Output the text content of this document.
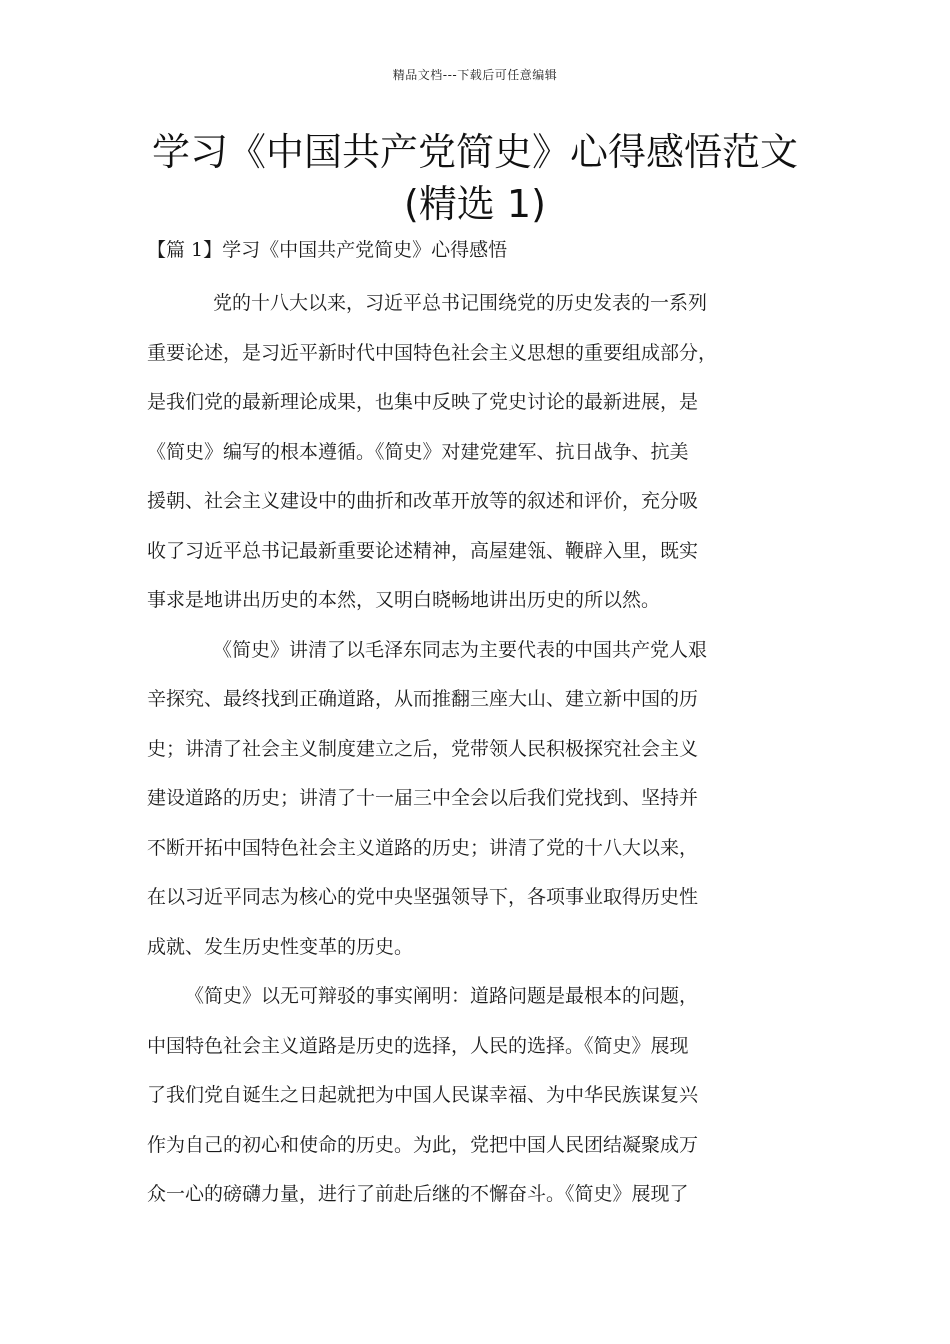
精品文档---下载后可任意编辑
学习《中国共产党简史》心得感悟范文
(精选 1)
【篇 1】学习《中国共产党简史》心得感悟

党的十八大以来，习近平总书记围绕党的历史发表的一系列
重要论述，是习近平新时代中国特色社会主义思想的重要组成部分，
是我们党的最新理论成果，也集中反映了党史讨论的最新进展，是
《简史》编写的根本遵循。《简史》对建党建军、抗日战争、抗美
援朝、社会主义建设中的曲折和改革开放等的叙述和评价，充分吸
收了习近平总书记最新重要论述精神，高屋建瓴、鞭辟入里，既实
事求是地讲出历史的本然，又明白晓畅地讲出历史的所以然。

《简史》讲清了以毛泽东同志为主要代表的中国共产党人艰
辛探究、最终找到正确道路，从而推翻三座大山、建立新中国的历
史；讲清了社会主义制度建立之后，党带领人民积极探究社会主义
建设道路的历史；讲清了十一届三中全会以后我们党找到、坚持并
不断开拓中国特色社会主义道路的历史；讲清了党的十八大以来，
在以习近平同志为核心的党中央坚强领导下，各项事业取得历史性
成就、发生历史性变革的历史。

《简史》以无可辩驳的事实阐明：道路问题是最根本的问题，
中国特色社会主义道路是历史的选择，人民的选择。《简史》展现
了我们党自诞生之日起就把为中国人民谋幸福、为中华民族谋复兴
作为自己的初心和使命的历史。为此，党把中国人民团结凝聚成万
众一心的磅礴力量，进行了前赴后继的不懈奋斗。《简史》展现了
